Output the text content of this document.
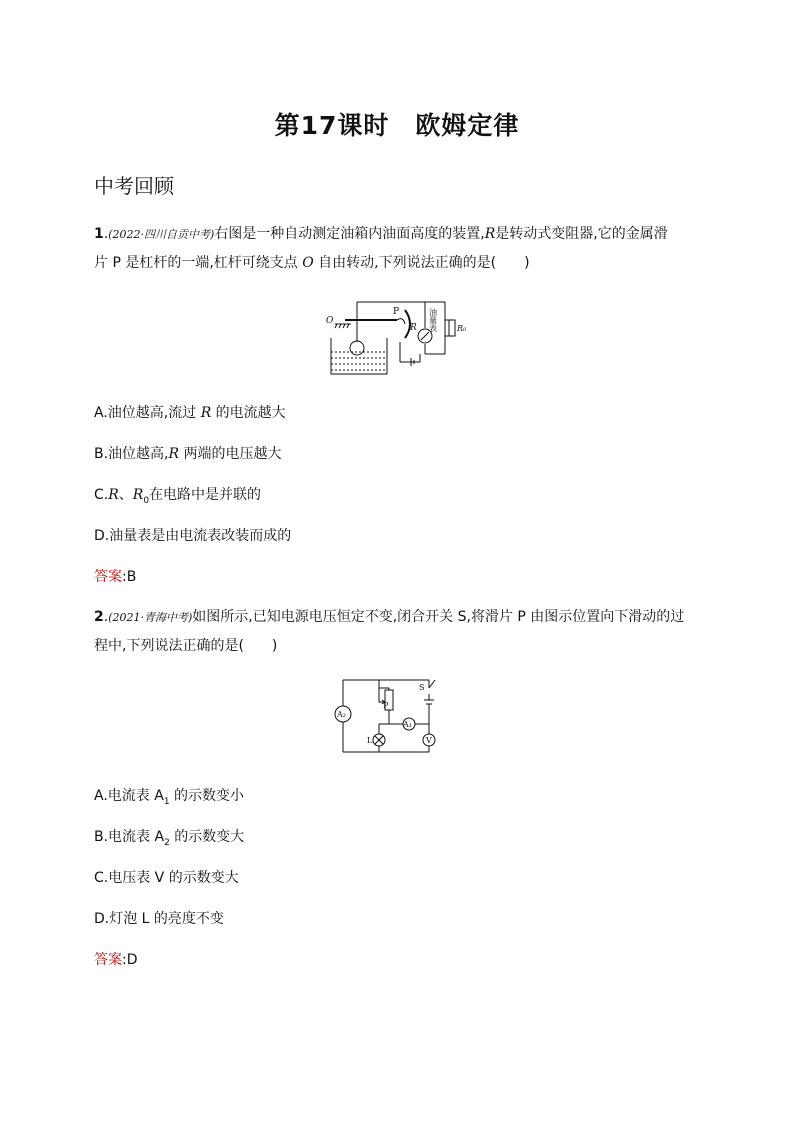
第17课时　欧姆定律
中考回顾
1.(2022·四川自贡中考)右图是一种自动测定油箱内油面高度的装置,R是转动式变阻器,它的金属滑
片 P 是杠杆的一端,杠杆可绕支点 O 自由转动,下列说法正确的是(　　)
O
P
R	R₀
油
量
表
A.油位越高,流过 R 的电流越大
B.油位越高,R 两端的电压越大
C.R、$R_0$在电路中是并联的
D.油量表是由电流表改装而成的
答案:B
2.(2021·青海中考)如图所示,已知电源电压恒定不变,闭合开关 S,将滑片 P 由图示位置向下滑动的过
程中,下列说法正确的是(　　)
A₂
A₁
P
S
L	V
A.电流表 $A_1$ 的示数变小
B.电流表 $A_2$ 的示数变大
C.电压表 V 的示数变大
D.灯泡 L 的亮度不变
答案:D
